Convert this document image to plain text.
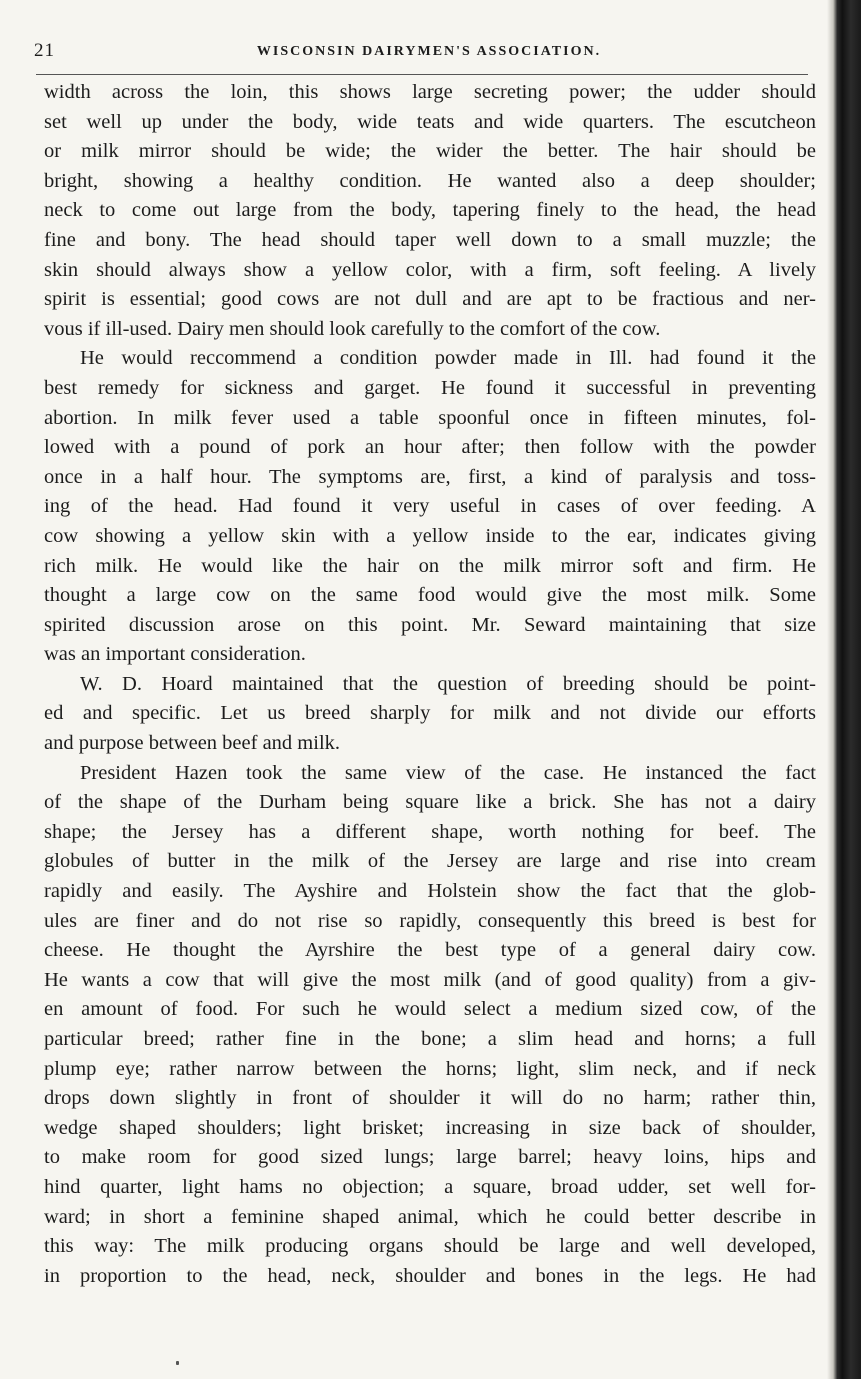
21	WISCONSIN DAIRYMEN'S ASSOCIATION.
width across the loin, this shows large secreting power; the udder should
set well up under the body, wide teats and wide quarters. The escutcheon
or milk mirror should be wide; the wider the better. The hair should be
bright, showing a healthy condition. He wanted also a deep shoulder;
neck to come out large from the body, tapering finely to the head, the head
fine and bony. The head should taper well down to a small muzzle; the
skin should always show a yellow color, with a firm, soft feeling. A lively
spirit is essential; good cows are not dull and are apt to be fractious and ner-
vous if ill-used. Dairy men should look carefully to the comfort of the cow.
He would reccommend a condition powder made in Ill. had found it the
best remedy for sickness and garget. He found it successful in preventing
abortion. In milk fever used a table spoonful once in fifteen minutes, fol-
lowed with a pound of pork an hour after; then follow with the powder
once in a half hour. The symptoms are, first, a kind of paralysis and toss-
ing of the head. Had found it very useful in cases of over feeding. A
cow showing a yellow skin with a yellow inside to the ear, indicates giving
rich milk. He would like the hair on the milk mirror soft and firm. He
thought a large cow on the same food would give the most milk. Some
spirited discussion arose on this point. Mr. Seward maintaining that size
was an important consideration.
W. D. Hoard maintained that the question of breeding should be point-
ed and specific. Let us breed sharply for milk and not divide our efforts
and purpose between beef and milk.
President Hazen took the same view of the case. He instanced the fact
of the shape of the Durham being square like a brick. She has not a dairy
shape; the Jersey has a different shape, worth nothing for beef. The
globules of butter in the milk of the Jersey are large and rise into cream
rapidly and easily. The Ayshire and Holstein show the fact that the glob-
ules are finer and do not rise so rapidly, consequently this breed is best for
cheese. He thought the Ayrshire the best type of a general dairy cow.
He wants a cow that will give the most milk (and of good quality) from a giv-
en amount of food. For such he would select a medium sized cow, of the
particular breed; rather fine in the bone; a slim head and horns; a full
plump eye; rather narrow between the horns; light, slim neck, and if neck
drops down slightly in front of shoulder it will do no harm; rather thin,
wedge shaped shoulders; light brisket; increasing in size back of shoulder,
to make room for good sized lungs; large barrel; heavy loins, hips and
hind quarter, light hams no objection; a square, broad udder, set well for-
ward; in short a feminine shaped animal, which he could better describe in
this way: The milk producing organs should be large and well developed,
in proportion to the head, neck, shoulder and bones in the legs. He had
